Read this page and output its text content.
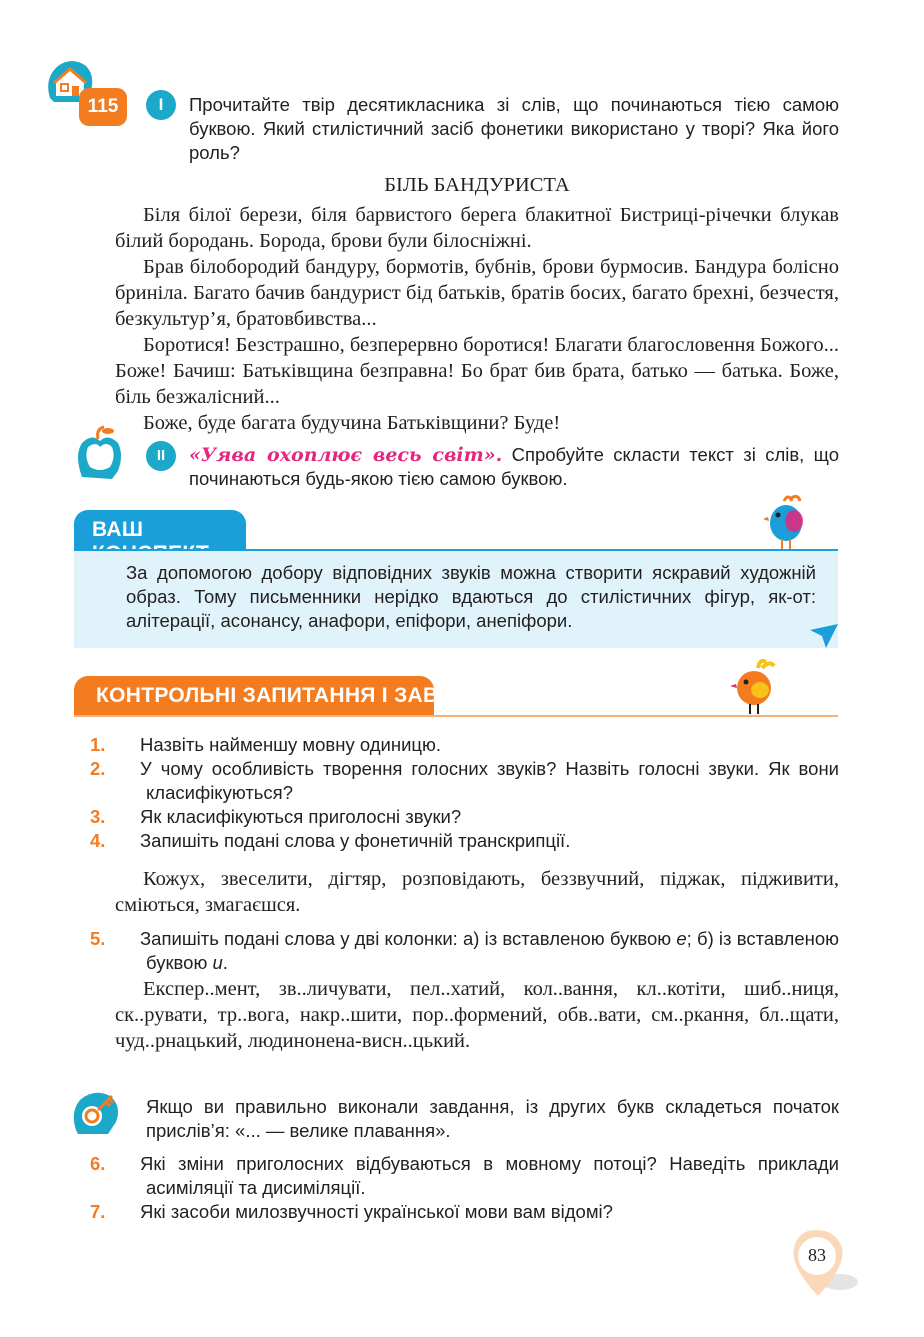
115	I	Прочитайте твір десятикласника зі слів, що починаються тією самою буквою. Який стилістичний засіб фонетики використано у творі? Яка його роль?

БІЛЬ БАНДУРИСТА

Біля білої берези, біля барвистого берега блакитної Бистриці-річечки блукав білий бородань. Борода, брови були білосніжні.

Брав білобородий бандуру, бормотів, бубнів, брови бурмосив. Бандура болісно бриніла. Багато бачив бандурист бід батьків, братів босих, багато брехні, безчестя, безкультур’я, братовбивства...

Боротися! Безстрашно, безперервно боротися! Благати благословення Божого... Боже! Бачиш: Батьківщина безправна! Бо брат бив брата, батько — батька. Боже, біль безжалісний...

Боже, буде багата будучина Батьківщини? Буде!

II	«Уява охоплює весь світ». Спробуйте скласти текст зі слів, що починаються будь-якою тією самою буквою.

ВАШ

За допомогою добору відповідних звуків можна створити яскравий художній образ. Тому письменники нерідко вдаються до стилістичних фігур, як-от: алітерації, асонансу, анафори, епіфори, анепіфори.

КОНТРОЛЬНІ ЗАПИТАННЯ І ЗАВДАННЯ

1. Назвіть найменшу мовну одиницю.

2. У чому особливість творення голосних звуків? Назвіть голосні звуки. Як вони класифікуються?

3. Як класифікуються приголосні звуки?

4. Запишіть подані слова у фонетичній транскрипції.

Кожух, звеселити, дігтяр, розповідають, беззвучний, піджак, підживити, сміються, змагаєшся.

5. Запишіть подані слова у дві колонки: а) із вставленою буквою е; б) із вставленою буквою и.

Експер..мент, зв..личувати, пел..хатий, кол..вання, кл..котіти, шиб..ниця, ск..рувати, тр..вога, накр..шити, пор..формений, обв..вати, см..ркання, бл..щати, чуд..рнацький, людинонена-висн..цький.

Якщо ви правильно виконали завдання, із других букв складеться початок прислів’я: «... — велике плавання».

6. Які зміни приголосних відбуваються в мовному потоці? Наведіть приклади асиміляції та дисиміляції.

7. Які засоби милозвучності української мови вам відомі?

83
